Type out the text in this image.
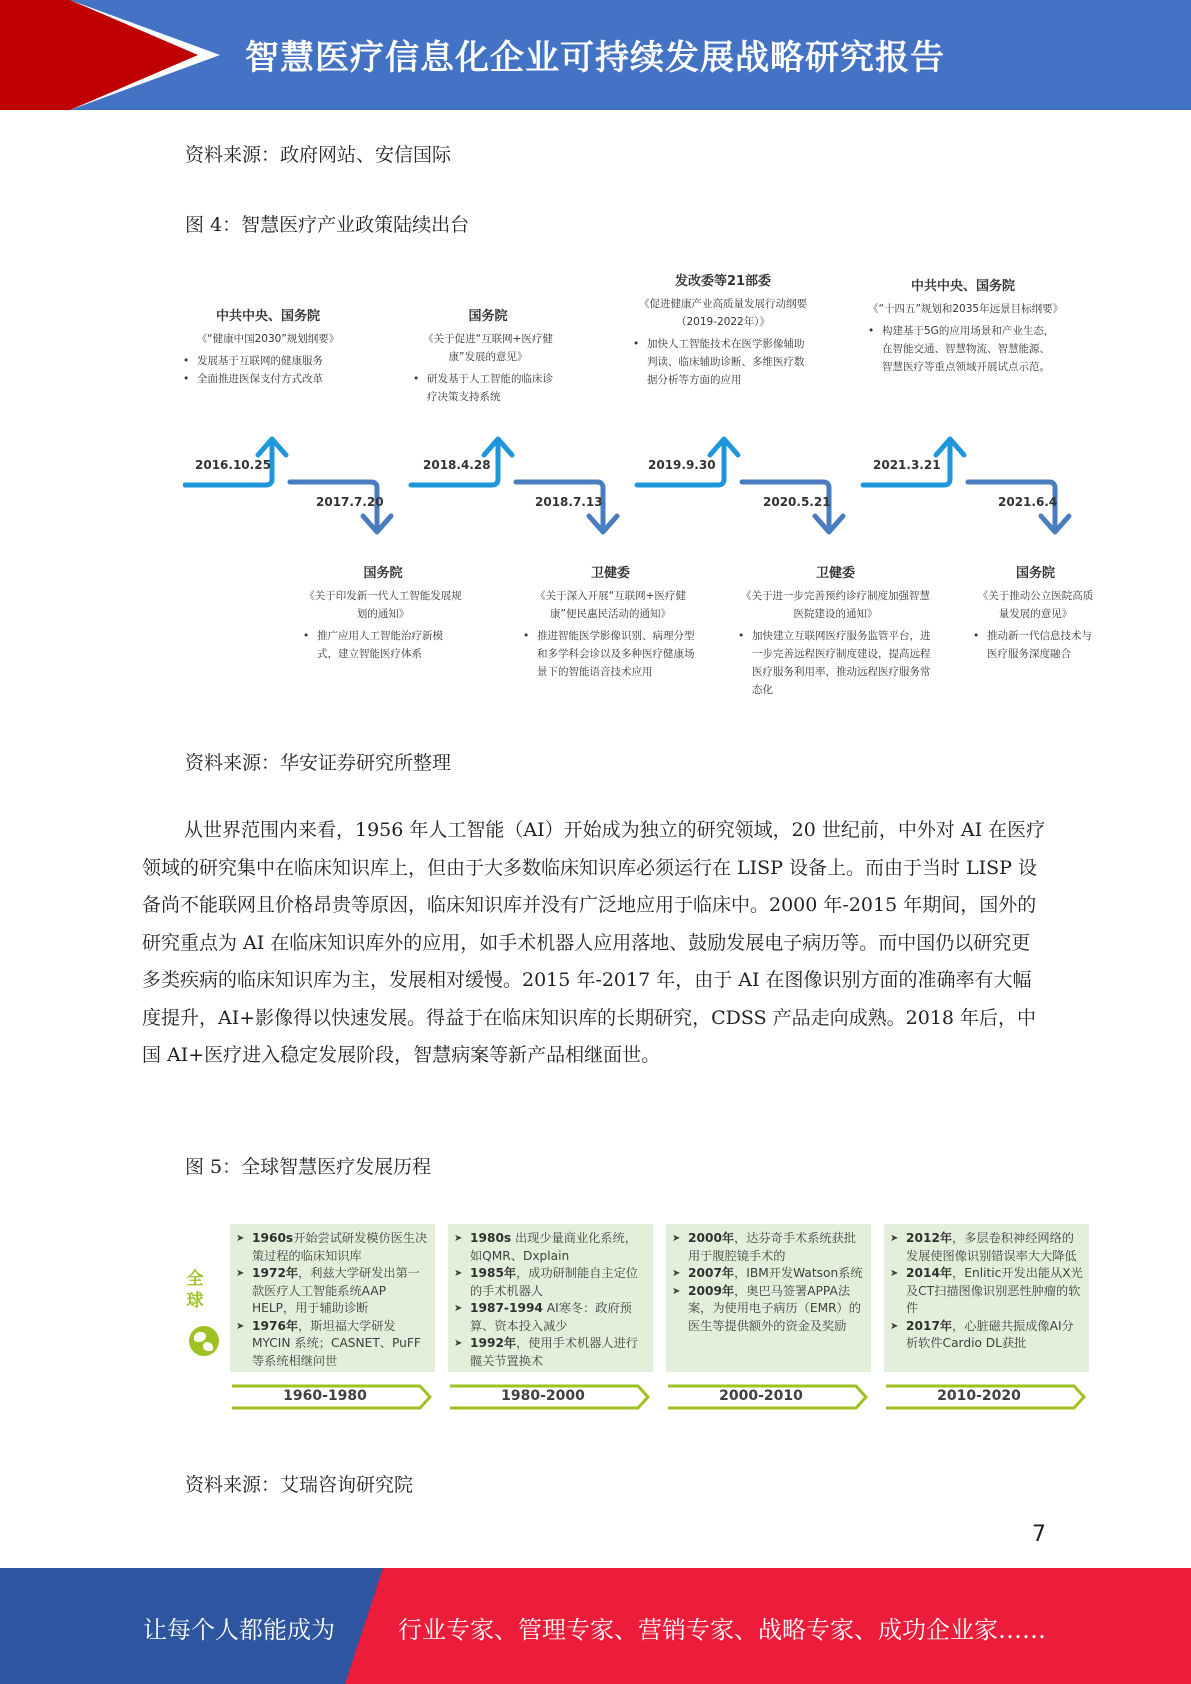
智慧医疗信息化企业可持续发展战略研究报告
资料来源：政府网站、安信国际
图 4：智慧医疗产业政策陆续出台
2016.10.25
2017.7.20
2018.4.28
2018.7.13
2019.9.30
2020.5.21
2021.3.21
2021.6.4
中共中央、国务院
《“健康中国2030”规划纲要》
• 发展基于互联网的健康服务
• 全面推进医保支付方式改革
国务院
《关于促进“互联网+医疗健康”发展的意见》
• 研发基于人工智能的临床诊疗决策支持系统
发改委等21部委
《促进健康产业高质量发展行动纲要（2019-2022年）》
• 加快人工智能技术在医学影像辅助判读、临床辅助诊断、多维医疗数据分析等方面的应用
中共中央、国务院
《“十四五”规划和2035年远景目标纲要》
• 构建基于5G的应用场景和产业生态，在智能交通、智慧物流、智慧能源、智慧医疗等重点领域开展试点示范。
国务院
《关于印发新一代人工智能发展规划的通知》
• 推广应用人工智能治疗新模式，建立智能医疗体系
卫健委
《关于深入开展“互联网+医疗健康”便民惠民活动的通知》
• 推进智能医学影像识别、病理分型和多学科会诊以及多种医疗健康场景下的智能语音技术应用
卫健委
《关于进一步完善预约诊疗制度加强智慧医院建设的通知》
• 加快建立互联网医疗服务监管平台，进一步完善远程医疗制度建设，提高远程医疗服务利用率，推动远程医疗服务常态化
国务院
《关于推动公立医院高质量发展的意见》
• 推动新一代信息技术与医疗服务深度融合
资料来源：华安证券研究所整理

从世界范围内来看，1956 年人工智能（AI）开始成为独立的研究领域，20 世纪前，中外对 AI 在医疗领域的研究集中在临床知识库上，但由于大多数临床知识库必须运行在 LISP 设备上。而由于当时 LISP 设备尚不能联网且价格昂贵等原因，临床知识库并没有广泛地应用于临床中。2000 年-2015 年期间，国外的研究重点为 AI 在临床知识库外的应用，如手术机器人应用落地、鼓励发展电子病历等。而中国仍以研究更多类疾病的临床知识库为主，发展相对缓慢。2015 年-2017 年，由于 AI 在图像识别方面的准确率有大幅度提升，AI+影像得以快速发展。得益于在临床知识库的长期研究，CDSS 产品走向成熟。2018 年后，中国 AI+医疗进入稳定发展阶段，智慧病案等新产品相继面世。

图 5：全球智慧医疗发展历程
全
球
➤ 1960s开始尝试研发模仿医生决策过程的临床知识库
➤ 1972年，利兹大学研发出第一款医疗人工智能系统AAP HELP，用于辅助诊断
➤ 1976年，斯坦福大学研发MYCIN 系统；CASNET、PuFF等系统相继问世
1960-1980
➤ 1980s 出现少量商业化系统，如QMR、Dxplain
➤ 1985年，成功研制能自主定位的手术机器人
➤ 1987-1994 AI寒冬：政府预算、资本投入减少
➤ 1992年，使用手术机器人进行髋关节置换术
1980-2000
➤ 2000年，达芬奇手术系统获批用于腹腔镜手术的
➤ 2007年，IBM开发Watson系统
➤ 2009年，奥巴马签署APPA法案，为使用电子病历（EMR）的医生等提供额外的资金及奖励
2000-2010
➤ 2012年，多层卷积神经网络的发展使图像识别错误率大大降低
➤ 2014年，Enlitic开发出能从X光及CT扫描图像识别恶性肿瘤的软件
➤ 2017年，心脏磁共振成像AI分析软件Cardio DL获批
2010-2020
资料来源：艾瑞咨询研究院
7
让每个人都能成为	行业专家、管理专家、营销专家、战略专家、成功企业家……
